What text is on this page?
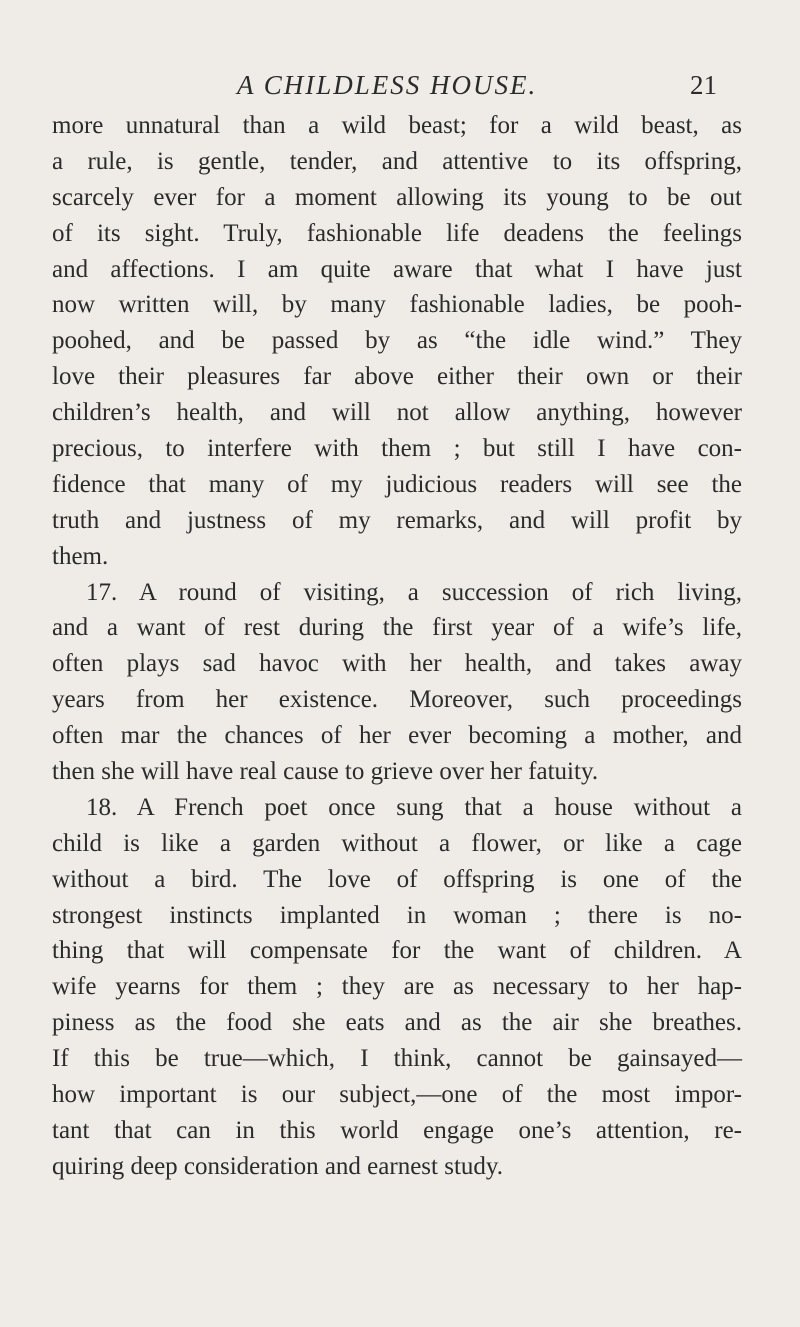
A CHILDLESS HOUSE.	21
more unnatural than a wild beast; for a wild beast, as
a rule, is gentle, tender, and attentive to its offspring,
scarcely ever for a moment allowing its young to be out
of its sight. Truly, fashionable life deadens the feelings
and affections. I am quite aware that what I have just
now written will, by many fashionable ladies, be pooh-
poohed, and be passed by as “the idle wind.” They
love their pleasures far above either their own or their
children’s health, and will not allow anything, however
precious, to interfere with them ; but still I have con-
fidence that many of my judicious readers will see the
truth and justness of my remarks, and will profit by
them.
17. A round of visiting, a succession of rich living,
and a want of rest during the first year of a wife’s life,
often plays sad havoc with her health, and takes away
years from her existence. Moreover, such proceedings
often mar the chances of her ever becoming a mother, and
then she will have real cause to grieve over her fatuity.
18. A French poet once sung that a house without a
child is like a garden without a flower, or like a cage
without a bird. The love of offspring is one of the
strongest instincts implanted in woman ; there is no-
thing that will compensate for the want of children. A
wife yearns for them ; they are as necessary to her hap-
piness as the food she eats and as the air she breathes.
If this be true—which, I think, cannot be gainsayed—
how important is our subject,—one of the most impor-
tant that can in this world engage one’s attention, re-
quiring deep consideration and earnest study.
